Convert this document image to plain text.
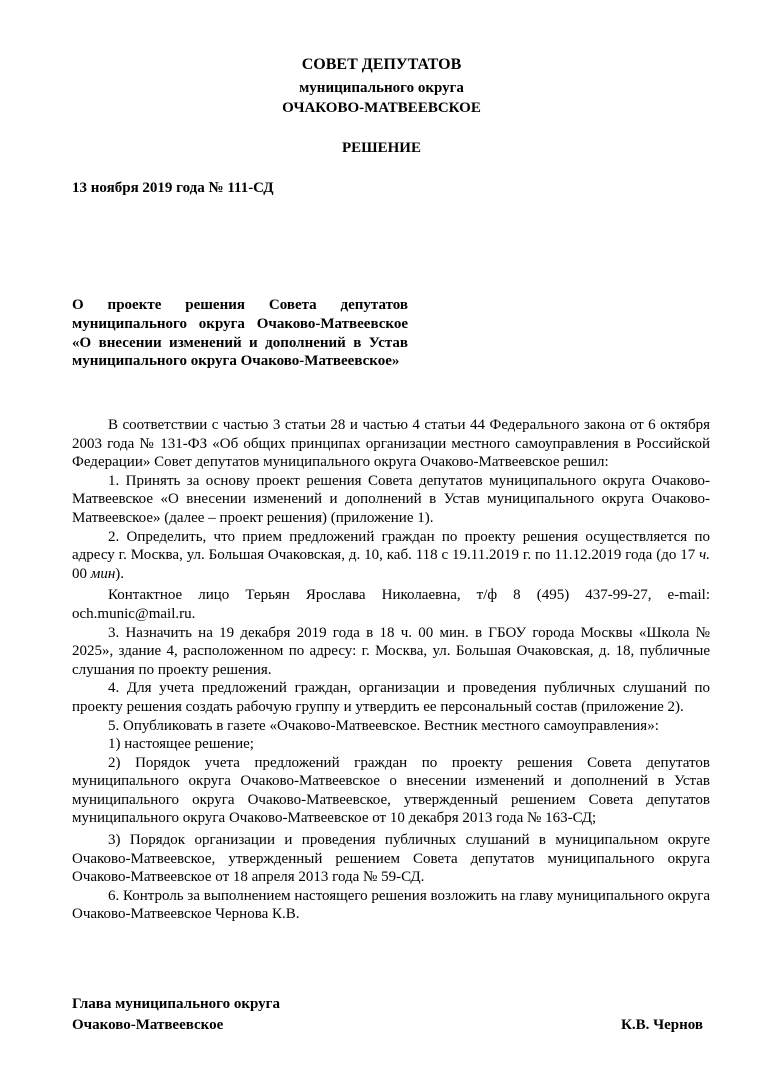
СОВЕТ ДЕПУТАТОВ
муниципального округа
ОЧАКОВО-МАТВЕЕВСКОЕ
РЕШЕНИЕ
13 ноября 2019 года № 111-СД
О проекте решения Совета депутатов муниципального округа Очаково-Матвеевское «О внесении изменений и дополнений в Устав муниципального округа Очаково-Матвеевское»

В соответствии с частью 3 статьи 28 и частью 4 статьи 44 Федерального закона от 6 октября 2003 года № 131-ФЗ «Об общих принципах организации местного самоуправления в Российской Федерации» Совет депутатов муниципального округа Очаково-Матвеевское решил:

1. Принять за основу проект решения Совета депутатов муниципального округа Очаково-Матвеевское «О внесении изменений и дополнений в Устав муниципального округа Очаково-Матвеевское» (далее – проект решения) (приложение 1).

2. Определить, что прием предложений граждан по проекту решения осуществляется по адресу г. Москва, ул. Большая Очаковская, д. 10, каб. 118 с 19.11.2019 г. по 11.12.2019 года (до 17 ч. 00 мин).

Контактное лицо Терьян Ярослава Николаевна, т/ф 8 (495) 437-99-27, e-mail: och.munic@mail.ru.

3. Назначить на 19 декабря 2019 года в 18 ч. 00 мин. в ГБОУ города Москвы «Школа № 2025», здание 4, расположенном по адресу: г. Москва, ул. Большая Очаковская, д. 18, публичные слушания по проекту решения.

4. Для учета предложений граждан, организации и проведения публичных слушаний по проекту решения создать рабочую группу и утвердить ее персональный состав (приложение 2).

5. Опубликовать в газете «Очаково-Матвеевское. Вестник местного самоуправления»:

1) настоящее решение;

2) Порядок учета предложений граждан по проекту решения Совета депутатов муниципального округа Очаково-Матвеевское о внесении изменений и дополнений в Устав муниципального округа Очаково-Матвеевское, утвержденный решением Совета депутатов муниципального округа Очаково-Матвеевское от 10 декабря 2013 года № 163-СД;

3) Порядок организации и проведения публичных слушаний в муниципальном округе Очаково-Матвеевское, утвержденный решением Совета депутатов муниципального округа Очаково-Матвеевское от 18 апреля 2013 года № 59-СД.

6. Контроль за выполнением настоящего решения возложить на главу муниципального округа Очаково-Матвеевское Чернова К.В.

Глава муниципального округа
Очаково-Матвеевское	К.В. Чернов
